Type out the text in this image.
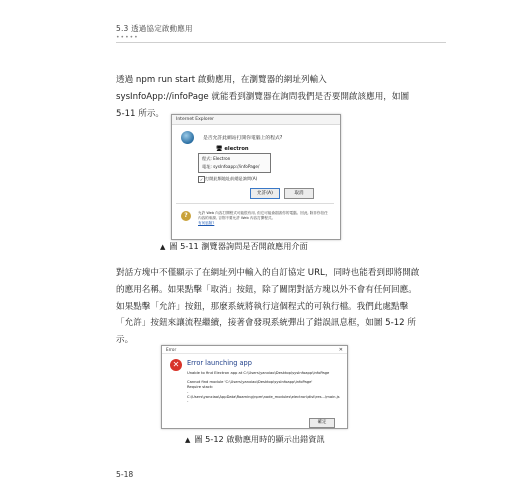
5.3 透過協定啟動應用
•••••
透過 npm run start 啟動應用，在瀏覽器的網址列輸入 sysInfoApp://infoPage 就能看到瀏覽器在詢問我們是否要開啟該應用，如圖 5-11 所示。
Internet Explorer
是否允許此網站打開你電腦上的程式?
🖥 electron
程式: Electron
電址: sysInfoapp://infoPage/
✓ 打開此類地址前總是詢問(A)
允許(A)	取消
?	允許 Web 內容打開程式可能很有用, 但它可能會損害你的電腦。因此, 除非你信任內容的來源, 否則不要允許 Web 內容打開程式。
有何風險?
▲ 圖 5-11 瀏覽器詢問是否開啟應用介面
對話方塊中不僅顯示了在網址列中輸入的自訂協定 URL，同時也能看到即將開啟的應用名稱。如果點擊「取消」按鈕，除了關閉對話方塊以外不會有任何回應。如果點擊「允許」按鈕，那麼系統將執行這個程式的可執行檔。我們此處點擊「允許」按鈕來讓流程繼續，接著會發現系統彈出了錯誤訊息框，如圖 5-12 所示。
Error	✕
✕	Error launching app
Unable to find Electron app at C:\Users\yanxiao\Desktop\sysInfoapp\infoPage

Cannot find module 'C:\Users\yanxiao\Desktop\sysInfoapp\infoPage'
Require stack:
-
C:\Users\yanxiao\AppData\Roaming\npm\node_modules\electron\dist\res...\main.js
-
確定
▲ 圖 5-12 啟動應用時的顯示出錯資訊
5-18
